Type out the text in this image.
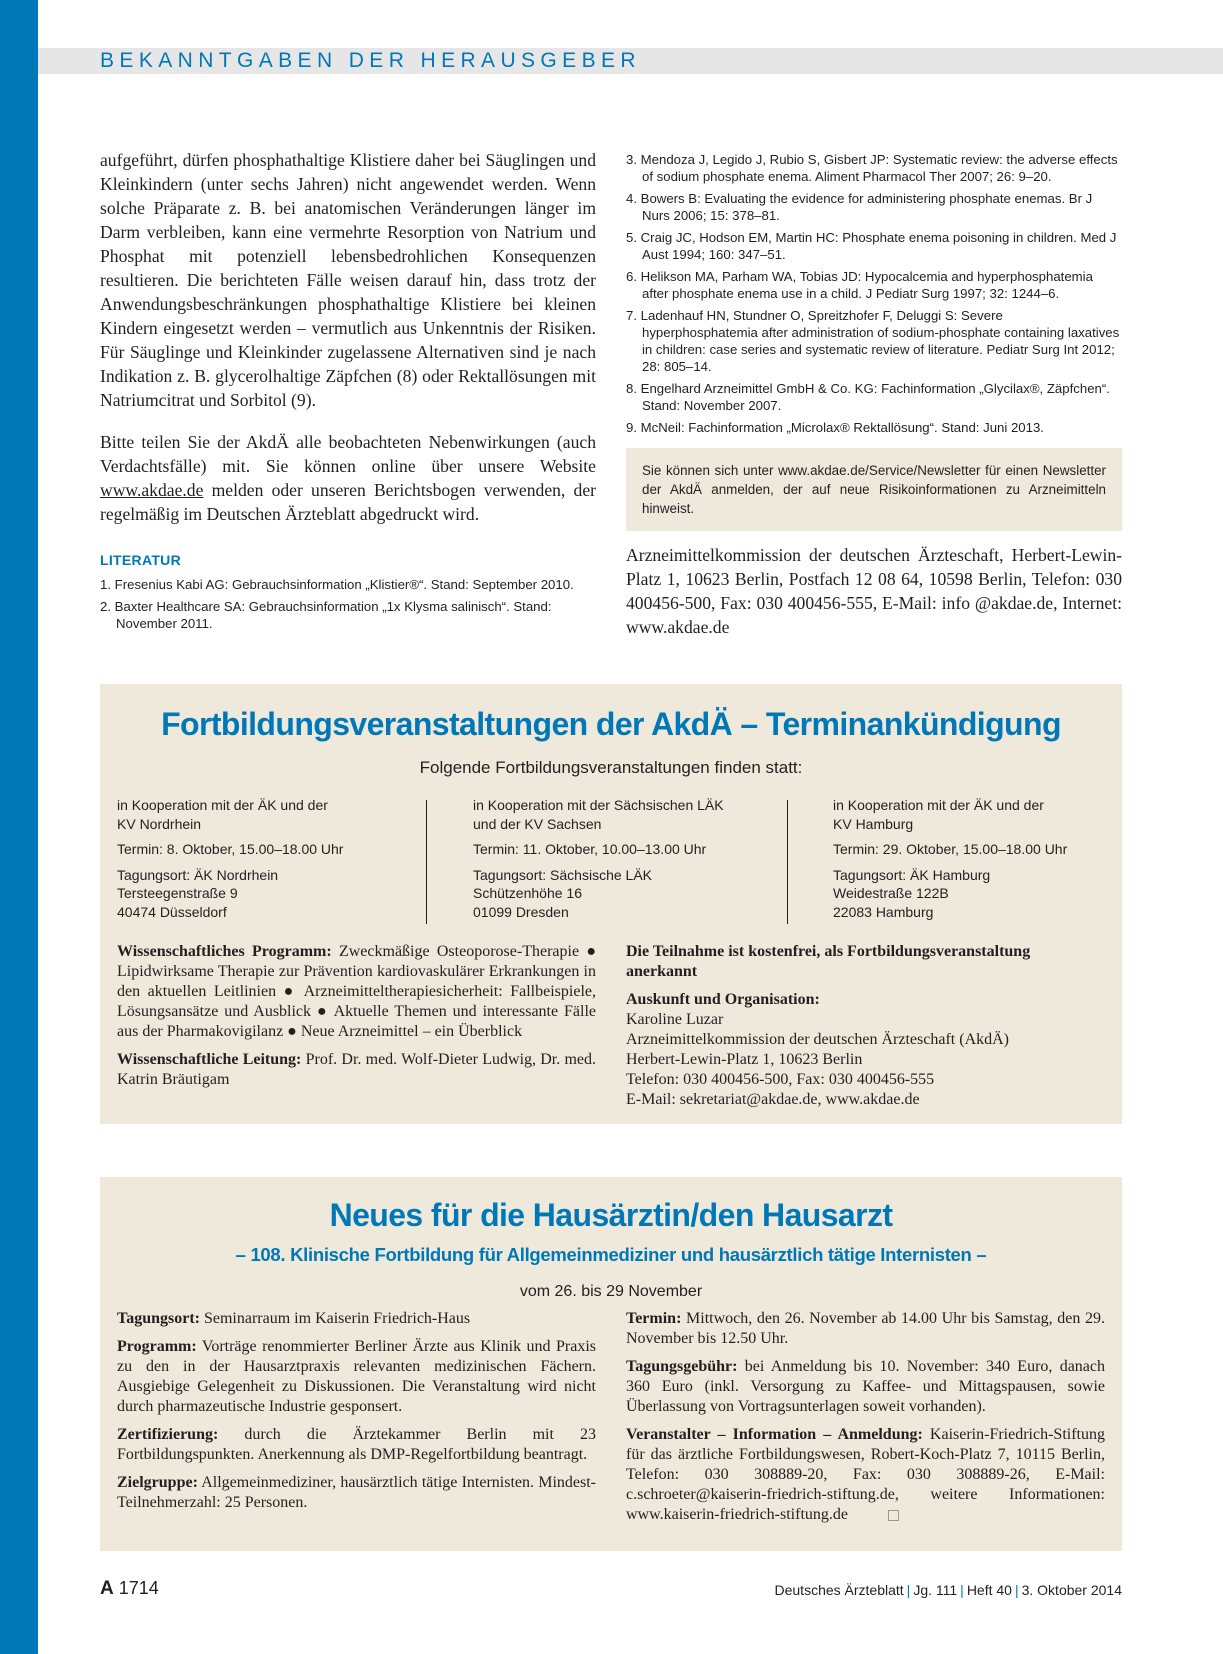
BEKANNTGABEN DER HERAUSGEBER

aufgeführt, dürfen phosphathaltige Klistiere daher bei Säuglingen und Kleinkindern (unter sechs Jahren) nicht angewendet werden. Wenn solche Präparate z. B. bei anatomischen Veränderungen länger im Darm verbleiben, kann eine vermehrte Resorption von Natrium und Phosphat mit potenziell lebensbedrohlichen Konsequenzen resultieren. Die berichteten Fälle weisen darauf hin, dass trotz der Anwendungsbeschränkungen phosphathaltige Klistiere bei kleinen Kindern eingesetzt werden – vermutlich aus Unkenntnis der Risiken. Für Säuglinge und Kleinkinder zugelassene Alternativen sind je nach Indikation z. B. glycerolhaltige Zäpfchen (8) oder Rektallösungen mit Natriumcitrat und Sorbitol (9).

Bitte teilen Sie der AkdÄ alle beobachteten Nebenwirkungen (auch Verdachtsfälle) mit. Sie können online über unsere Website www.akdae.de melden oder unseren Berichtsbogen verwenden, der regelmäßig im Deutschen Ärzteblatt abgedruckt wird.

LITERATUR
1. Fresenius Kabi AG: Gebrauchsinformation „Klistier®“. Stand: September 2010.
2. Baxter Healthcare SA: Gebrauchsinformation „1x Klysma salinisch“. Stand: November 2011.
3. Mendoza J, Legido J, Rubio S, Gisbert JP: Systematic review: the adverse effects of sodium phosphate enema. Aliment Pharmacol Ther 2007; 26: 9–20.
4. Bowers B: Evaluating the evidence for administering phosphate enemas. Br J Nurs 2006; 15: 378–81.
5. Craig JC, Hodson EM, Martin HC: Phosphate enema poisoning in children. Med J Aust 1994; 160: 347–51.
6. Helikson MA, Parham WA, Tobias JD: Hypocalcemia and hyperphosphatemia after phosphate enema use in a child. J Pediatr Surg 1997; 32: 1244–6.
7. Ladenhauf HN, Stundner O, Spreitzhofer F, Deluggi S: Severe hyperphosphatemia after administration of sodium-phosphate containing laxatives in children: case series and systematic review of literature. Pediatr Surg Int 2012; 28: 805–14.
8. Engelhard Arzneimittel GmbH & Co. KG: Fachinformation „Glycilax®, Zäpfchen“. Stand: November 2007.
9. McNeil: Fachinformation „Microlax® Rektallösung“. Stand: Juni 2013.
Sie können sich unter www.akdae.de/Service/Newsletter für einen Newsletter der AkdÄ anmelden, der auf neue Risikoinformationen zu Arzneimitteln hinweist.
Arzneimittelkommission der deutschen Ärzteschaft, Herbert-Lewin-Platz 1, 10623 Berlin, Postfach 12 08 64, 10598 Berlin, Telefon: 030 400456-500, Fax: 030 400456-555, E-Mail: info @akdae.de, Internet: www.akdae.de
Fortbildungsveranstaltungen der AkdÄ – Terminankündigung
Folgende Fortbildungsveranstaltungen finden statt:
in Kooperation mit der ÄK und der
KV Nordrhein
Termin: 8. Oktober, 15.00–18.00 Uhr
Tagungsort: ÄK Nordrhein
Tersteegenstraße 9
40474 Düsseldorf
in Kooperation mit der Sächsischen LÄK
und der KV Sachsen
Termin: 11. Oktober, 10.00–13.00 Uhr
Tagungsort: Sächsische LÄK
Schützenhöhe 16
01099 Dresden
in Kooperation mit der ÄK und der
KV Hamburg
Termin: 29. Oktober, 15.00–18.00 Uhr
Tagungsort: ÄK Hamburg
Weidestraße 122B
22083 Hamburg

Wissenschaftliches Programm: Zweckmäßige Osteoporose-Therapie ● Lipidwirksame Therapie zur Prävention kardiovaskulärer Erkrankungen in den aktuellen Leitlinien ● Arzneimitteltherapiesicherheit: Fallbeispiele, Lösungsansätze und Ausblick ● Aktuelle Themen und interessante Fälle aus der Pharmakovigilanz ● Neue Arzneimittel – ein Überblick

Wissenschaftliche Leitung: Prof. Dr. med. Wolf-Dieter Ludwig, Dr. med. Katrin Bräutigam

Die Teilnahme ist kostenfrei, als Fortbildungsveranstaltung anerkannt

Auskunft und Organisation:
Karoline Luzar
Arzneimittelkommission der deutschen Ärzteschaft (AkdÄ)
Herbert-Lewin-Platz 1, 10623 Berlin
Telefon: 030 400456-500, Fax: 030 400456-555
E-Mail: sekretariat@akdae.de, www.akdae.de

Neues für die Hausärztin/den Hausarzt
– 108. Klinische Fortbildung für Allgemeinmediziner und hausärztlich tätige Internisten –
vom 26. bis 29 November

Tagungsort: Seminarraum im Kaiserin Friedrich-Haus

Programm: Vorträge renommierter Berliner Ärzte aus Klinik und Praxis zu den in der Hausarztpraxis relevanten medizinischen Fächern. Ausgiebige Gelegenheit zu Diskussionen. Die Veranstaltung wird nicht durch pharmazeutische Industrie gesponsert.

Zertifizierung: durch die Ärztekammer Berlin mit 23 Fortbildungspunkten. Anerkennung als DMP-Regelfortbildung beantragt.

Zielgruppe: Allgemeinmediziner, hausärztlich tätige Internisten. Mindest-Teilnehmerzahl: 25 Personen.

Termin: Mittwoch, den 26. November ab 14.00 Uhr bis Samstag, den 29. November bis 12.50 Uhr.

Tagungsgebühr: bei Anmeldung bis 10. November: 340 Euro, danach 360 Euro (inkl. Versorgung zu Kaffee- und Mittagspausen, sowie Überlassung von Vortragsunterlagen soweit vorhanden).

Veranstalter – Information – Anmeldung: Kaiserin-Friedrich-Stiftung für das ärztliche Fortbildungswesen, Robert-Koch-Platz 7, 10115 Berlin, Telefon: 030 308889-20, Fax: 030 308889-26, E-Mail: c.schroeter@kaiserin-friedrich-stiftung.de, weitere Informationen: www.kaiserin-friedrich-stiftung.de

A 1714	Deutsches Ärzteblatt | Jg. 111 | Heft 40 | 3. Oktober 2014
